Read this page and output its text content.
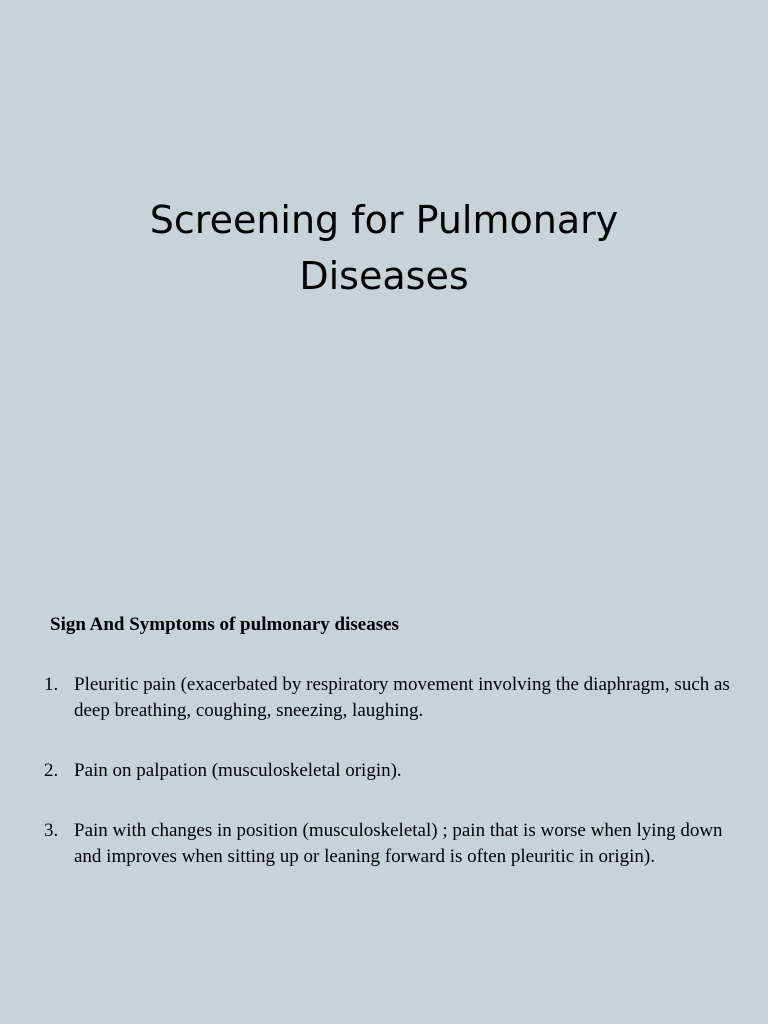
Screening for Pulmonary
Diseases

Sign And Symptoms of pulmonary diseases

1. Pleuritic pain (exacerbated by respiratory movement involving the diaphragm, such as deep breathing, coughing, sneezing, laughing.
2. Pain on palpation (musculoskeletal origin).
3. Pain with changes in position (musculoskeletal) ; pain that is worse when lying down and improves when sitting up or leaning forward is often pleuritic in origin).
